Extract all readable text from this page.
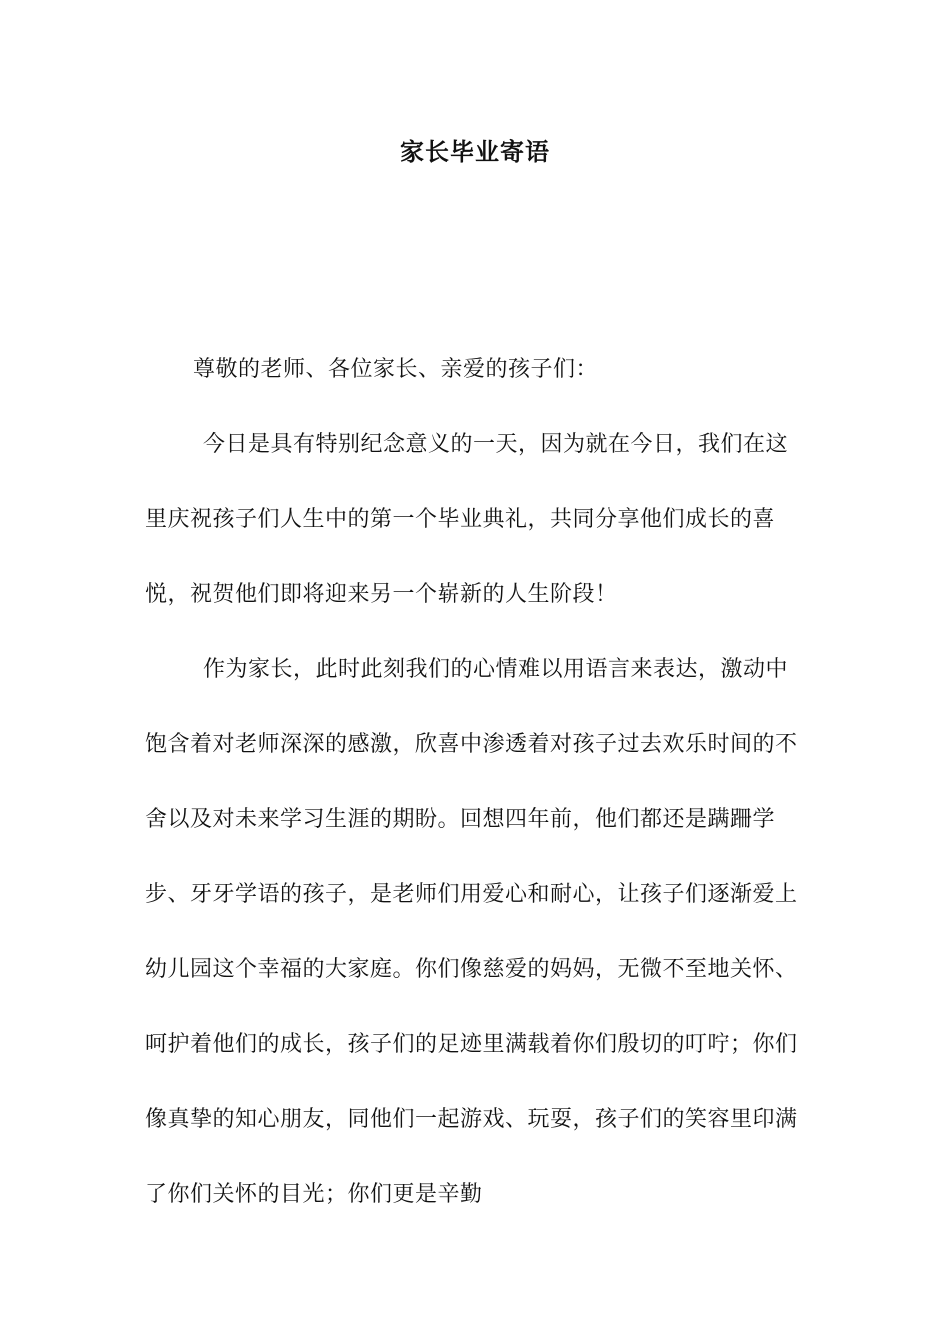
家长毕业寄语

尊敬的老师、各位家长、亲爱的孩子们：

今日是具有特别纪念意义的一天，因为就在今日，我们在这里庆祝孩子们人生中的第一个毕业典礼，共同分享他们成长的喜悦，祝贺他们即将迎来另一个崭新的人生阶段！

作为家长，此时此刻我们的心情难以用语言来表达，激动中饱含着对老师深深的感激，欣喜中渗透着对孩子过去欢乐时间的不舍以及对未来学习生涯的期盼。回想四年前，他们都还是蹒跚学步、牙牙学语的孩子，是老师们用爱心和耐心，让孩子们逐渐爱上幼儿园这个幸福的大家庭。你们像慈爱的妈妈，无微不至地关怀、呵护着他们的成长，孩子们的足迹里满载着你们殷切的叮咛；你们像真挚的知心朋友，同他们一起游戏、玩耍，孩子们的笑容里印满了你们关怀的目光；你们更是辛勤
